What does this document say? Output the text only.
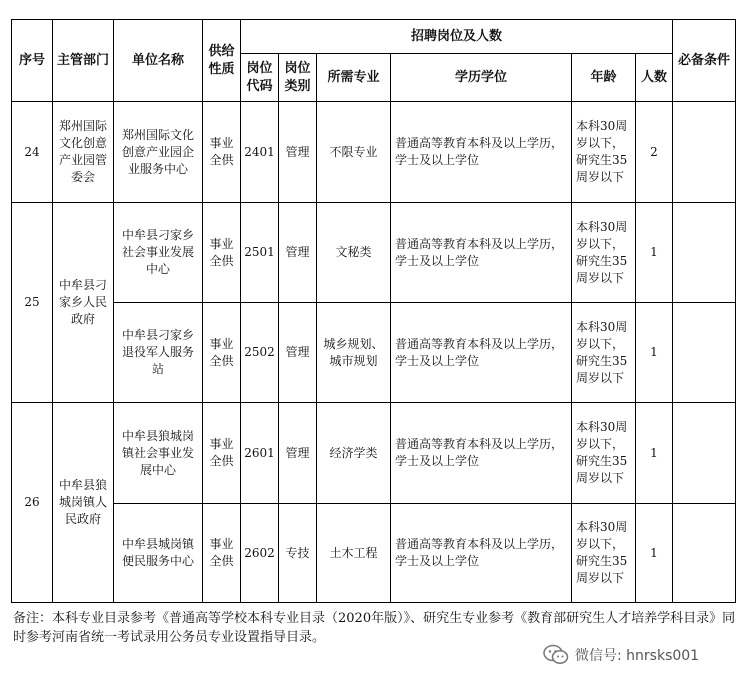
序号	主管部门	单位名称	供给性质	招聘岗位及人数						必备条件
				岗位代码	岗位类别	所需专业	学历学位	年龄	人数	
24	郑州国际文化创意产业园管委会	郑州国际文化创意产业园企业服务中心	事业全供	2401	管理	不限专业	普通高等教育本科及以上学历，学士及以上学位	本科30周岁以下，研究生35周岁以下	2	
25	中牟县刁家乡人民政府	中牟县刁家乡社会事业发展中心	事业全供	2501	管理	文秘类	普通高等教育本科及以上学历，学士及以上学位	本科30周岁以下，研究生35周岁以下	1	
		中牟县刁家乡退役军人服务站	事业全供	2502	管理	城乡规划、城市规划	普通高等教育本科及以上学历，学士及以上学位	本科30周岁以下，研究生35周岁以下	1	
26	中牟县狼城岗镇人民政府	中牟县狼城岗镇社会事业发展中心	事业全供	2601	管理	经济学类	普通高等教育本科及以上学历，学士及以上学位	本科30周岁以下，研究生35周岁以下	1	
		中牟县城岗镇便民服务中心	事业全供	2602	专技	土木工程	普通高等教育本科及以上学历，学士及以上学位	本科30周岁以下，研究生35周岁以下	1	
备注：本科专业目录参考《普通高等学校本科专业目录（2020年版）》、研究生专业参考《教育部研究生人才培养学科目录》同时参考河南省统一考试录用公务员专业设置指导目录。
微信号: hnrsks001
